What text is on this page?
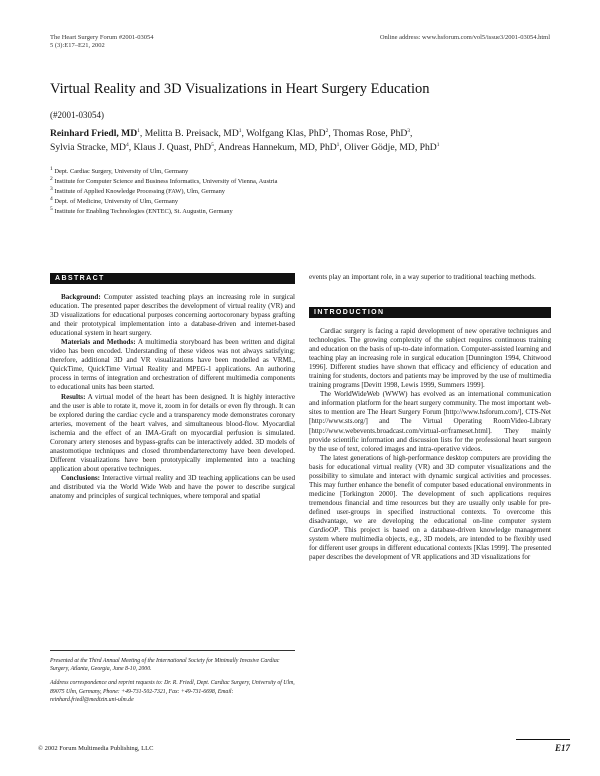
The Heart Surgery Forum #2001-03054
5 (3):E17–E21, 2002
Online address: www.hsforum.com/vol5/issue3/2001-03054.html
Virtual Reality and 3D Visualizations in Heart Surgery Education
(#2001-03054)
Reinhard Friedl, $MD^1$, Melitta B. Preisack, $MD^1$, Wolfgang Klas, PhD$^2$, Thomas Rose, PhD$^3$,
Sylvia Stracke, $MD^4$, Klaus J. Quast, PhD$^5$, Andreas Hannekum, MD, PhD$^1$, Oliver Gödje, MD, PhD$^1$
$^1$ Dept. Cardiac Surgery, University of Ulm, Germany
$^2$ Institute for Computer Science and Business Informatics, University of Vienna, Austria
$^3$ Institute of Applied Knowledge Processing (FAW), Ulm, Germany
$^4$ Dept. of Medicine, University of Ulm, Germany
$^5$ Institute for Enabling Technologies (ENTEC), St. Augustin, Germany
ABSTRACT

Background: Computer assisted teaching plays an increasing role in surgical education. The presented paper describes the development of virtual reality (VR) and 3D visualizations for educational purposes concerning aortocoronary bypass grafting and their prototypical implementation into a database-driven and internet-based educational system in heart surgery.

Materials and Methods: A multimedia storyboard has been written and digital video has been encoded. Understanding of these videos was not always satisfying; therefore, additional 3D and VR visualizations have been modelled as VRML, QuickTime, QuickTime Virtual Reality and MPEG-1 applications. An authoring process in terms of integration and orchestration of different multimedia components to educational units has been started.

Results: A virtual model of the heart has been designed. It is highly interactive and the user is able to rotate it, move it, zoom in for details or even fly through. It can be explored during the cardiac cycle and a transparency mode demonstrates coronary arteries, movement of the heart valves, and simultaneous blood-flow. Myocardial ischemia and the effect of an IMA-Graft on myocardial perfusion is simulated. Coronary artery stenoses and bypass-grafts can be interactively added. 3D models of anastomotique techniques and closed thrombendarterectomy have been developed. Different visualizations have been prototypically implemented into a teaching application about operative techniques.

Conclusions: Interactive virtual reality and 3D teaching applications can be used and distributed via the World Wide Web and have the power to describe surgical anatomy and principles of surgical techniques, where temporal and spatial

Presented at the Third Annual Meeting of the International Society for Minimally Invasive Cardiac Surgery, Atlanta, Georgia, June 8-10, 2000.

Address correspondence and reprint requests to: Dr. R. Friedl, Dept. Cardiac Surgery, University of Ulm, 89075 Ulm, Germany, Phone: +49-731-502-7321, Fax: +49-731-6698, Email: reinhard.friedl@medizin.uni-ulm.de

events play an important role, in a way superior to traditional teaching methods.

INTRODUCTION

Cardiac surgery is facing a rapid development of new operative techniques and technologies. The growing complexity of the subject requires continuous training and education on the basis of up-to-date information. Computer-assisted learning and teaching play an increasing role in surgical education [Dunnington 1994, Chitwood 1996]. Different studies have shown that efficacy and efficiency of education and training for students, doctors and patients may be improved by the use of multimedia training programs [Devitt 1998, Lewis 1999, Summers 1999].

The WorldWideWeb (WWW) has evolved as an international communication and information platform for the heart surgery community. The most important web-sites to mention are The Heart Surgery Forum [http://www.hsforum.com/], CTS-Net [http://www.sts.org/] and The Virtual Operating RoomVideo-Library [http://www.webevents.broadcast.com/virtual-or/frameset.html]. They mainly provide scientific information and discussion lists for the professional heart surgeon by the use of text, colored images and intra-operative videos.

The latest generations of high-performance desktop computers are providing the basis for educational virtual reality (VR) and 3D computer visualizations and the possibility to simulate and interact with dynamic surgical activities and processes. This may further enhance the benefit of computer based educational environments in medicine [Torkington 2000]. The development of such applications requires tremendous financial and time resources but they are usually only usable for pre-defined user-groups in specified instructional contexts. To overcome this disadvantage, we are developing the educational on-line computer system CardioOP. This project is based on a database-driven knowledge management system where multimedia objects, e.g., 3D models, are intended to be flexibly used for different user groups in different educational contexts [Klas 1999]. The presented paper describes the development of VR applications and 3D visualizations for

© 2002 Forum Multimedia Publishing, LLC	E17
